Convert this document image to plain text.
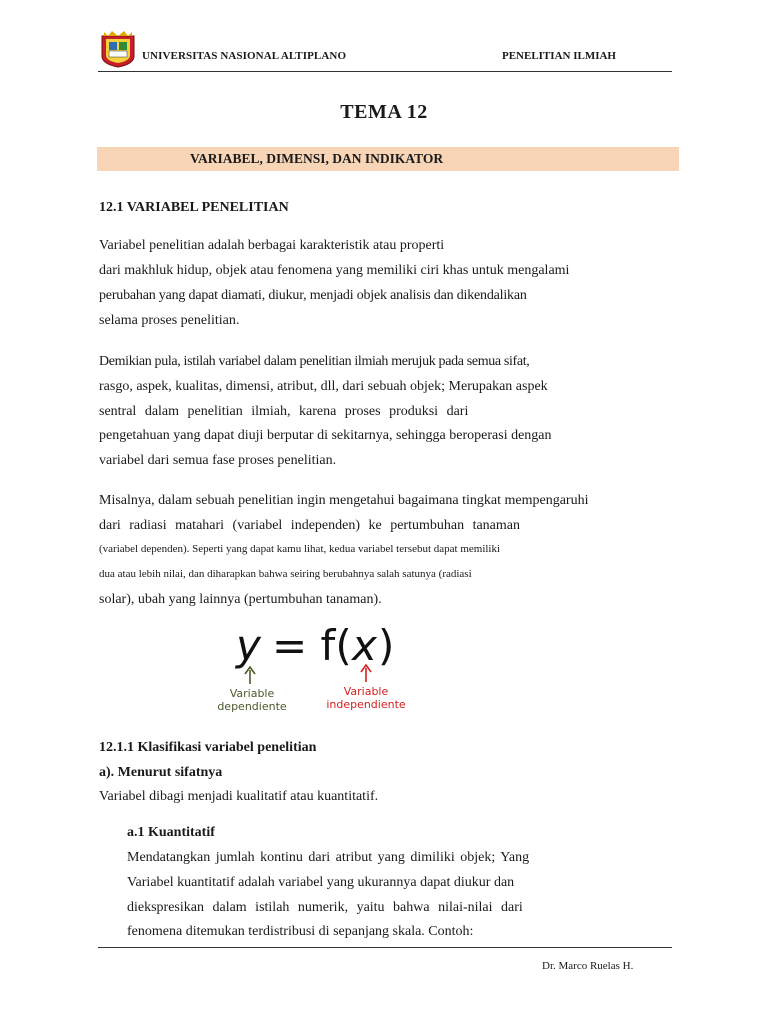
UNIVERSITAS NASIONAL ALTIPLANO	PENELITIAN ILMIAH
TEMA 12
VARIABEL, DIMENSI, DAN INDIKATOR
12.1 VARIABEL PENELITIAN
Variabel penelitian adalah berbagai karakteristik atau properti
dari makhluk hidup, objek atau fenomena yang memiliki ciri khas untuk mengalami
perubahan yang dapat diamati, diukur, menjadi objek analisis dan dikendalikan
selama proses penelitian.
Demikian pula, istilah variabel dalam penelitian ilmiah merujuk pada semua sifat,
rasgo, aspek, kualitas, dimensi, atribut, dll, dari sebuah objek; Merupakan aspek
sentral dalam penelitian ilmiah, karena proses produksi dari
pengetahuan yang dapat diuji berputar di sekitarnya, sehingga beroperasi dengan
variabel dari semua fase proses penelitian.
Misalnya, dalam sebuah penelitian ingin mengetahui bagaimana tingkat mempengaruhi
dari radiasi matahari (variabel independen) ke pertumbuhan tanaman
(variabel dependen). Seperti yang dapat kamu lihat, kedua variabel tersebut dapat memiliki
dua atau lebih nilai, dan diharapkan bahwa seiring berubahnya salah satunya (radiasi
solar), ubah yang lainnya (pertumbuhan tanaman).
y = f( x )
Variable
dependiente
Variable
independiente
12.1.1 Klasifikasi variabel penelitian
a). Menurut sifatnya
Variabel dibagi menjadi kualitatif atau kuantitatif.
a.1 Kuantitatif
Mendatangkan jumlah kontinu dari atribut yang dimiliki objek; Yang
Variabel kuantitatif adalah variabel yang ukurannya dapat diukur dan
diekspresikan dalam istilah numerik, yaitu bahwa nilai-nilai dari
fenomena ditemukan terdistribusi di sepanjang skala. Contoh:
Dr. Marco Ruelas H.
